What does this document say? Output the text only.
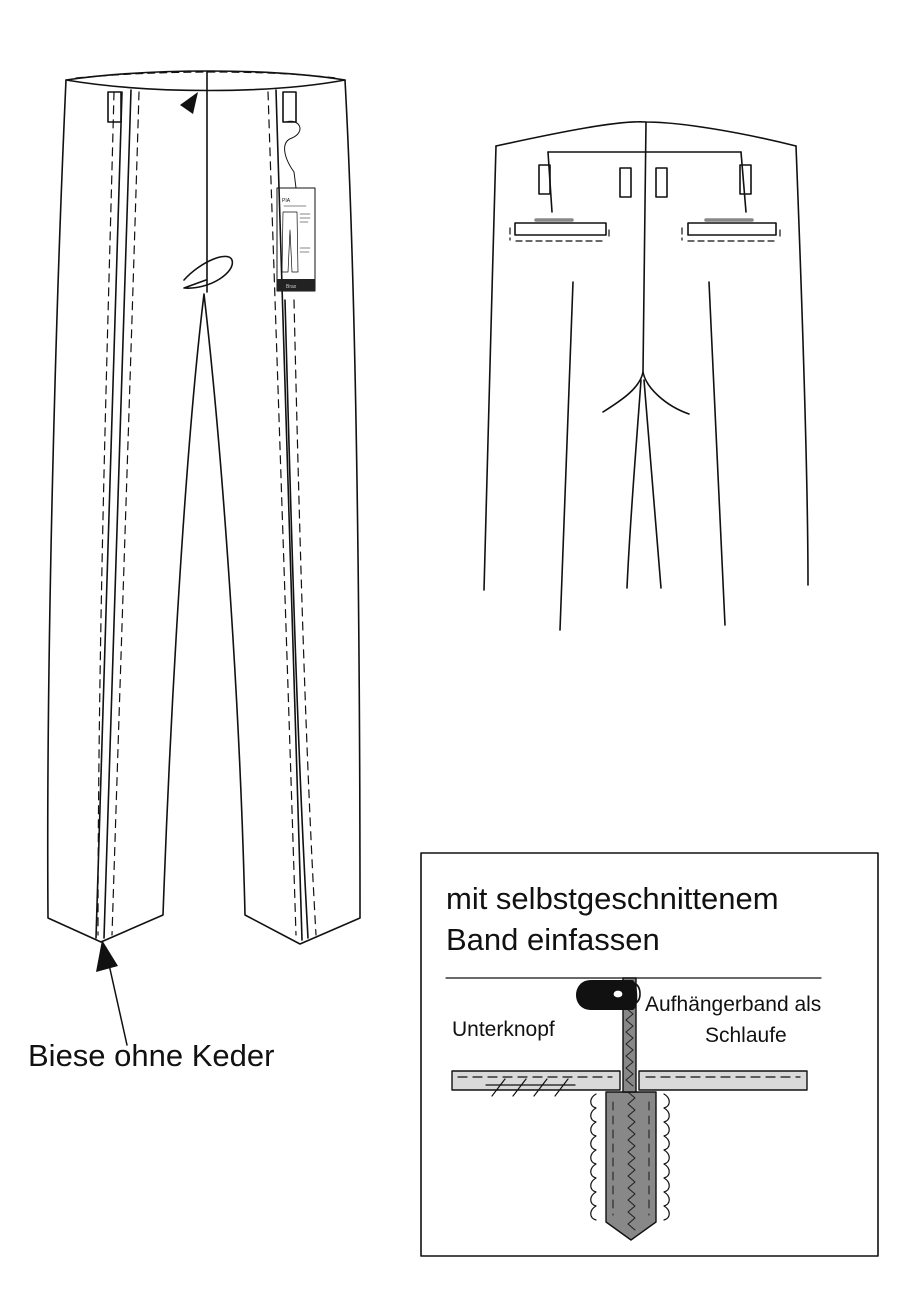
Biese ohne Keder
PIA
Brax
mit selbstgeschnittenem
Band einfassen
Unterknopf
Aufhängerband als
Schlaufe
